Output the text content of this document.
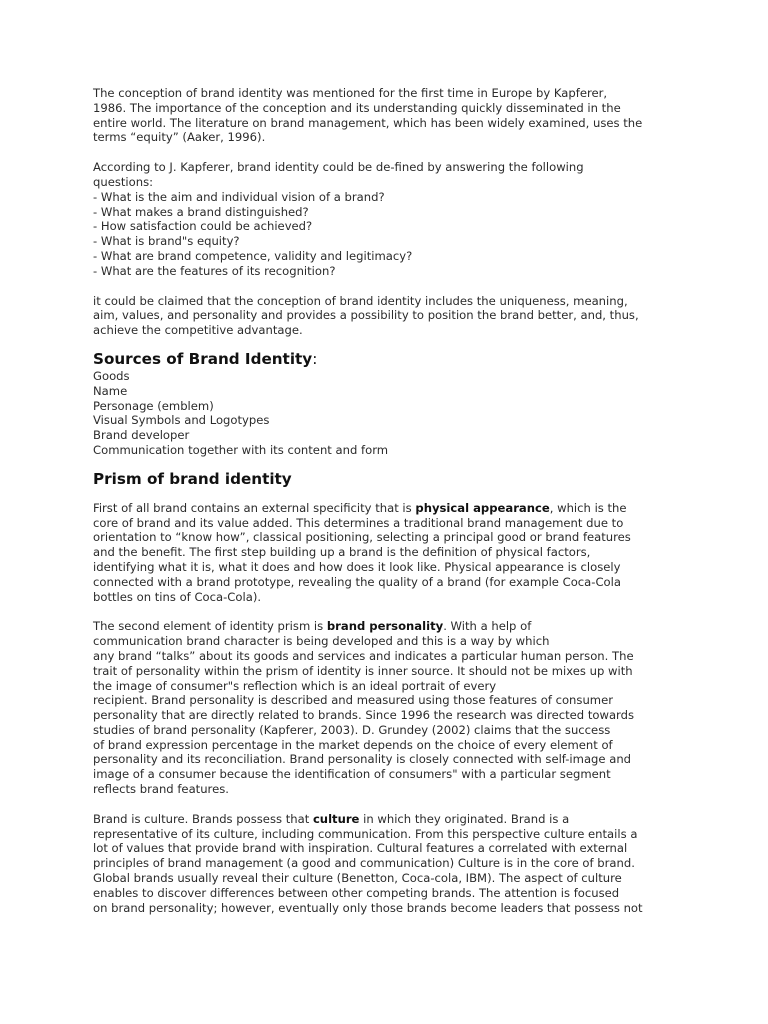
The conception of brand identity was mentioned for the first time in Europe by Kapferer,
1986. The importance of the conception and its understanding quickly disseminated in the
entire world. The literature on brand management, which has been widely examined, uses the
terms “equity” (Aaker, 1996).
According to J. Kapferer, brand identity could be de-fined by answering the following
questions:
- What is the aim and individual vision of a brand?
- What makes a brand distinguished?
- How satisfaction could be achieved?
- What is brand"s equity?
- What are brand competence, validity and legitimacy?
- What are the features of its recognition?
it could be claimed that the conception of brand identity includes the uniqueness, meaning,
aim, values, and personality and provides a possibility to position the brand better, and, thus,
achieve the competitive advantage.
Sources of Brand Identity:
Goods
Name
Personage (emblem)
Visual Symbols and Logotypes
Brand developer
Communication together with its content and form
Prism of brand identity
First of all brand contains an external specificity that is physical appearance, which is the
core of brand and its value added. This determines a traditional brand management due to
orientation to “know how”, classical positioning, selecting a principal good or brand features
and the benefit. The first step building up a brand is the definition of physical factors,
identifying what it is, what it does and how does it look like. Physical appearance is closely
connected with a brand prototype, revealing the quality of a brand (for example Coca-Cola
bottles on tins of Coca-Cola).
The second element of identity prism is brand personality. With a help of
communication brand character is being developed and this is a way by which
any brand “talks” about its goods and services and indicates a particular human person. The
trait of personality within the prism of identity is inner source. It should not be mixes up with
the image of consumer"s reflection which is an ideal portrait of every
recipient. Brand personality is described and measured using those features of consumer
personality that are directly related to brands. Since 1996 the research was directed towards
studies of brand personality (Kapferer, 2003). D. Grundey (2002) claims that the success
of brand expression percentage in the market depends on the choice of every element of
personality and its reconciliation. Brand personality is closely connected with self-image and
image of a consumer because the identification of consumers" with a particular segment
reflects brand features.
Brand is culture. Brands possess that culture in which they originated. Brand is a
representative of its culture, including communication. From this perspective culture entails a
lot of values that provide brand with inspiration. Cultural features a correlated with external
principles of brand management (a good and communication) Culture is in the core of brand.
Global brands usually reveal their culture (Benetton, Coca-cola, IBM). The aspect of culture
enables to discover differences between other competing brands. The attention is focused
on brand personality; however, eventually only those brands become leaders that possess not
